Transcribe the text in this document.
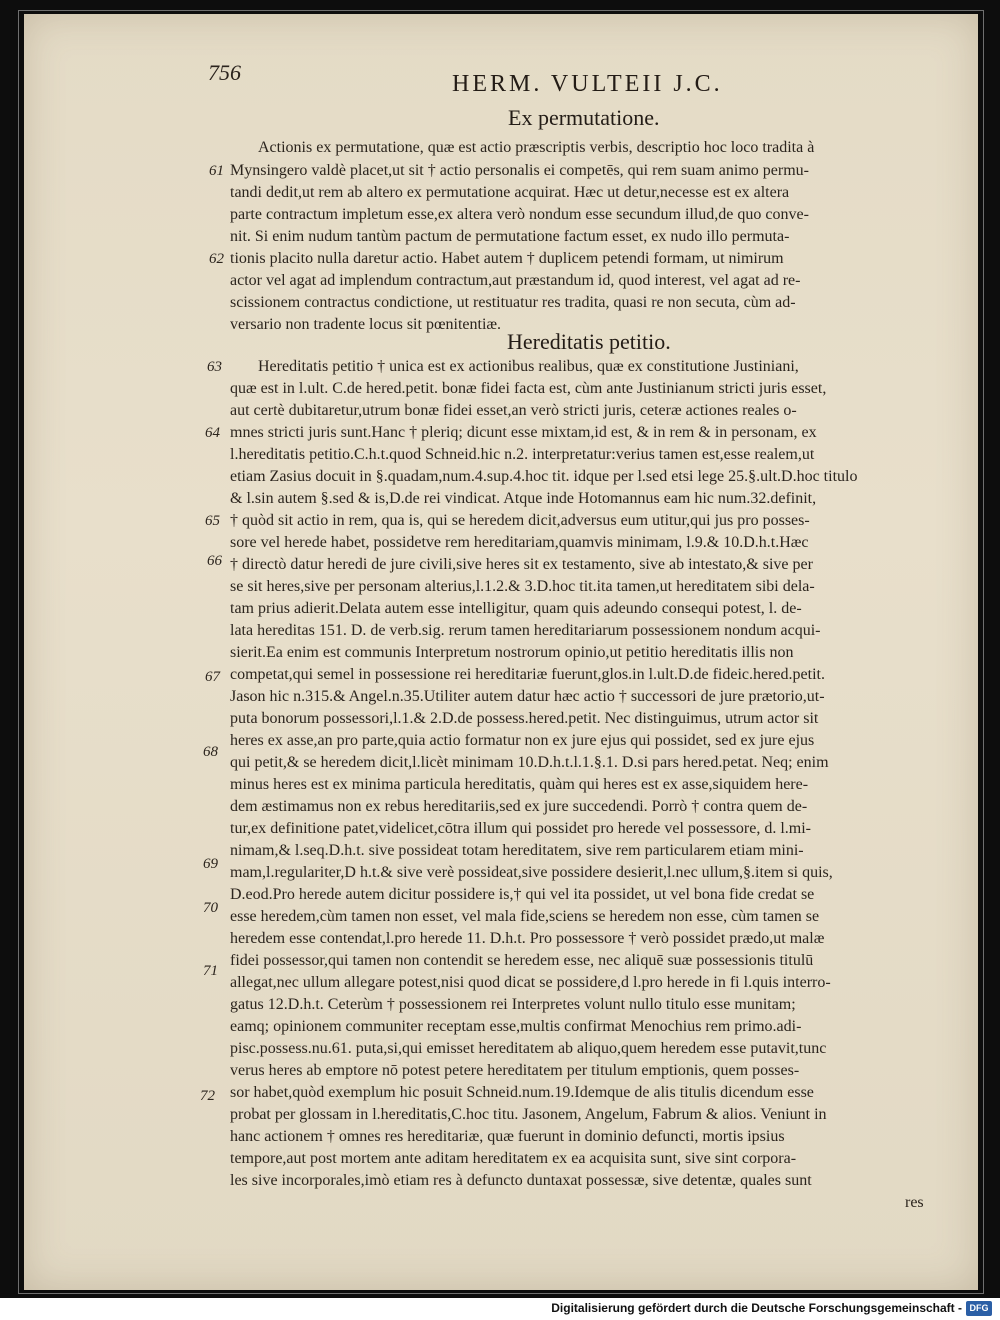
756	HERM. VULTEII J.C.
Ex permutatione.
Hereditatis petitio.
Actionis ex permutatione, quæ est actio præscriptis verbis, descriptio hoc loco tradita à
Mynsingero valdè placet,ut sit † actio personalis ei competēs, qui rem suam animo permu-
tandi dedit,ut rem ab altero ex permutatione acquirat. Hæc ut detur,necesse est ex altera
parte contractum impletum esse,ex altera verò nondum esse secundum illud,de quo conve-
nit. Si enim nudum tantùm pactum de permutatione factum esset, ex nudo illo permuta-
tionis placito nulla daretur actio. Habet autem † duplicem petendi formam, ut nimirum
actor vel agat ad implendum contractum,aut præstandum id, quod interest, vel agat ad re-
scissionem contractus condictione, ut restituatur res tradita, quasi re non secuta, cùm ad-
versario non tradente locus sit pœnitentiæ.
Hereditatis petitio † unica est ex actionibus realibus, quæ ex constitutione Justiniani,
quæ est in l.ult. C.de hered.petit. bonæ fidei facta est, cùm ante Justinianum stricti juris esset,
aut certè dubitaretur,utrum bonæ fidei esset,an verò stricti juris, ceteræ actiones reales o-
mnes stricti juris sunt.Hanc † pleriq; dicunt esse mixtam,id est, & in rem & in personam, ex
l.hereditatis petitio.C.h.t.quod Schneid.hic n.2. interpretatur:verius tamen est,esse realem,ut
etiam Zasius docuit in §.quadam,num.4.sup.4.hoc tit. idque per l.sed etsi lege 25.§.ult.D.hoc titulo
& l.sin autem §.sed & is,D.de rei vindicat. Atque inde Hotomannus eam hic num.32.definit,
† quòd sit actio in rem, qua is, qui se heredem dicit,adversus eum utitur,qui jus pro posses-
sore vel herede habet, possidetve rem hereditariam,quamvis minimam, l.9.& 10.D.h.t.Hæc
† directò datur heredi de jure civili,sive heres sit ex testamento, sive ab intestato,& sive per
se sit heres,sive per personam alterius,l.1.2.& 3.D.hoc tit.ita tamen,ut hereditatem sibi dela-
tam prius adierit.Delata autem esse intelligitur, quam quis adeundo consequi potest, l. de-
lata hereditas 151. D. de verb.sig. rerum tamen hereditariarum possessionem nondum acqui-
sierit.Ea enim est communis Interpretum nostrorum opinio,ut petitio hereditatis illis non
competat,qui semel in possessione rei hereditariæ fuerunt,glos.in l.ult.D.de fideic.hered.petit.
Jason hic n.315.& Angel.n.35.Utiliter autem datur hæc actio † successori de jure prætorio,ut-
puta bonorum possessori,l.1.& 2.D.de possess.hered.petit. Nec distinguimus, utrum actor sit
heres ex asse,an pro parte,quia actio formatur non ex jure ejus qui possidet, sed ex jure ejus
qui petit,& se heredem dicit,l.licèt minimam 10.D.h.t.l.1.§.1. D.si pars hered.petat. Neq; enim
minus heres est ex minima particula hereditatis, quàm qui heres est ex asse,siquidem here-
dem æstimamus non ex rebus hereditariis,sed ex jure succedendi. Porrò † contra quem de-
tur,ex definitione patet,videlicet,cōtra illum qui possidet pro herede vel possessore, d. l.mi-
nimam,& l.seq.D.h.t. sive possideat totam hereditatem, sive rem particularem etiam mini-
mam,l.regulariter,D h.t.& sive verè possideat,sive possidere desierit,l.nec ullum,§.item si quis,
D.eod.Pro herede autem dicitur possidere is,† qui vel ita possidet, ut vel bona fide credat se
esse heredem,cùm tamen non esset, vel mala fide,sciens se heredem non esse, cùm tamen se
heredem esse contendat,l.pro herede 11. D.h.t. Pro possessore † verò possidet prædo,ut malæ
fidei possessor,qui tamen non contendit se heredem esse, nec aliquē suæ possessionis titulū
allegat,nec ullum allegare potest,nisi quod dicat se possidere,d l.pro herede in fi l.quis interro-
gatus 12.D.h.t. Ceterùm † possessionem rei Interpretes volunt nullo titulo esse munitam;
eamq; opinionem communiter receptam esse,multis confirmat Menochius rem primo.adi-
pisc.possess.nu.61. puta,si,qui emisset hereditatem ab aliquo,quem heredem esse putavit,tunc
verus heres ab emptore nō potest petere hereditatem per titulum emptionis, quem posses-
sor habet,quòd exemplum hic posuit Schneid.num.19.Idemque de alis titulis dicendum esse
probat per glossam in l.hereditatis,C.hoc titu. Jasonem, Angelum, Fabrum & alios. Veniunt in
hanc actionem † omnes res hereditariæ, quæ fuerunt in dominio defuncti, mortis ipsius
tempore,aut post mortem ante aditam hereditatem ex ea acquisita sunt, sive sint corpora-
les sive incorporales,imò etiam res à defuncto duntaxat possessæ, sive detentæ, quales sunt
res
61
62
63
64
65
66
67
68
69
70
71
72
Digitalisierung gefördert durch die Deutsche Forschungsgemeinschaft - DFG
